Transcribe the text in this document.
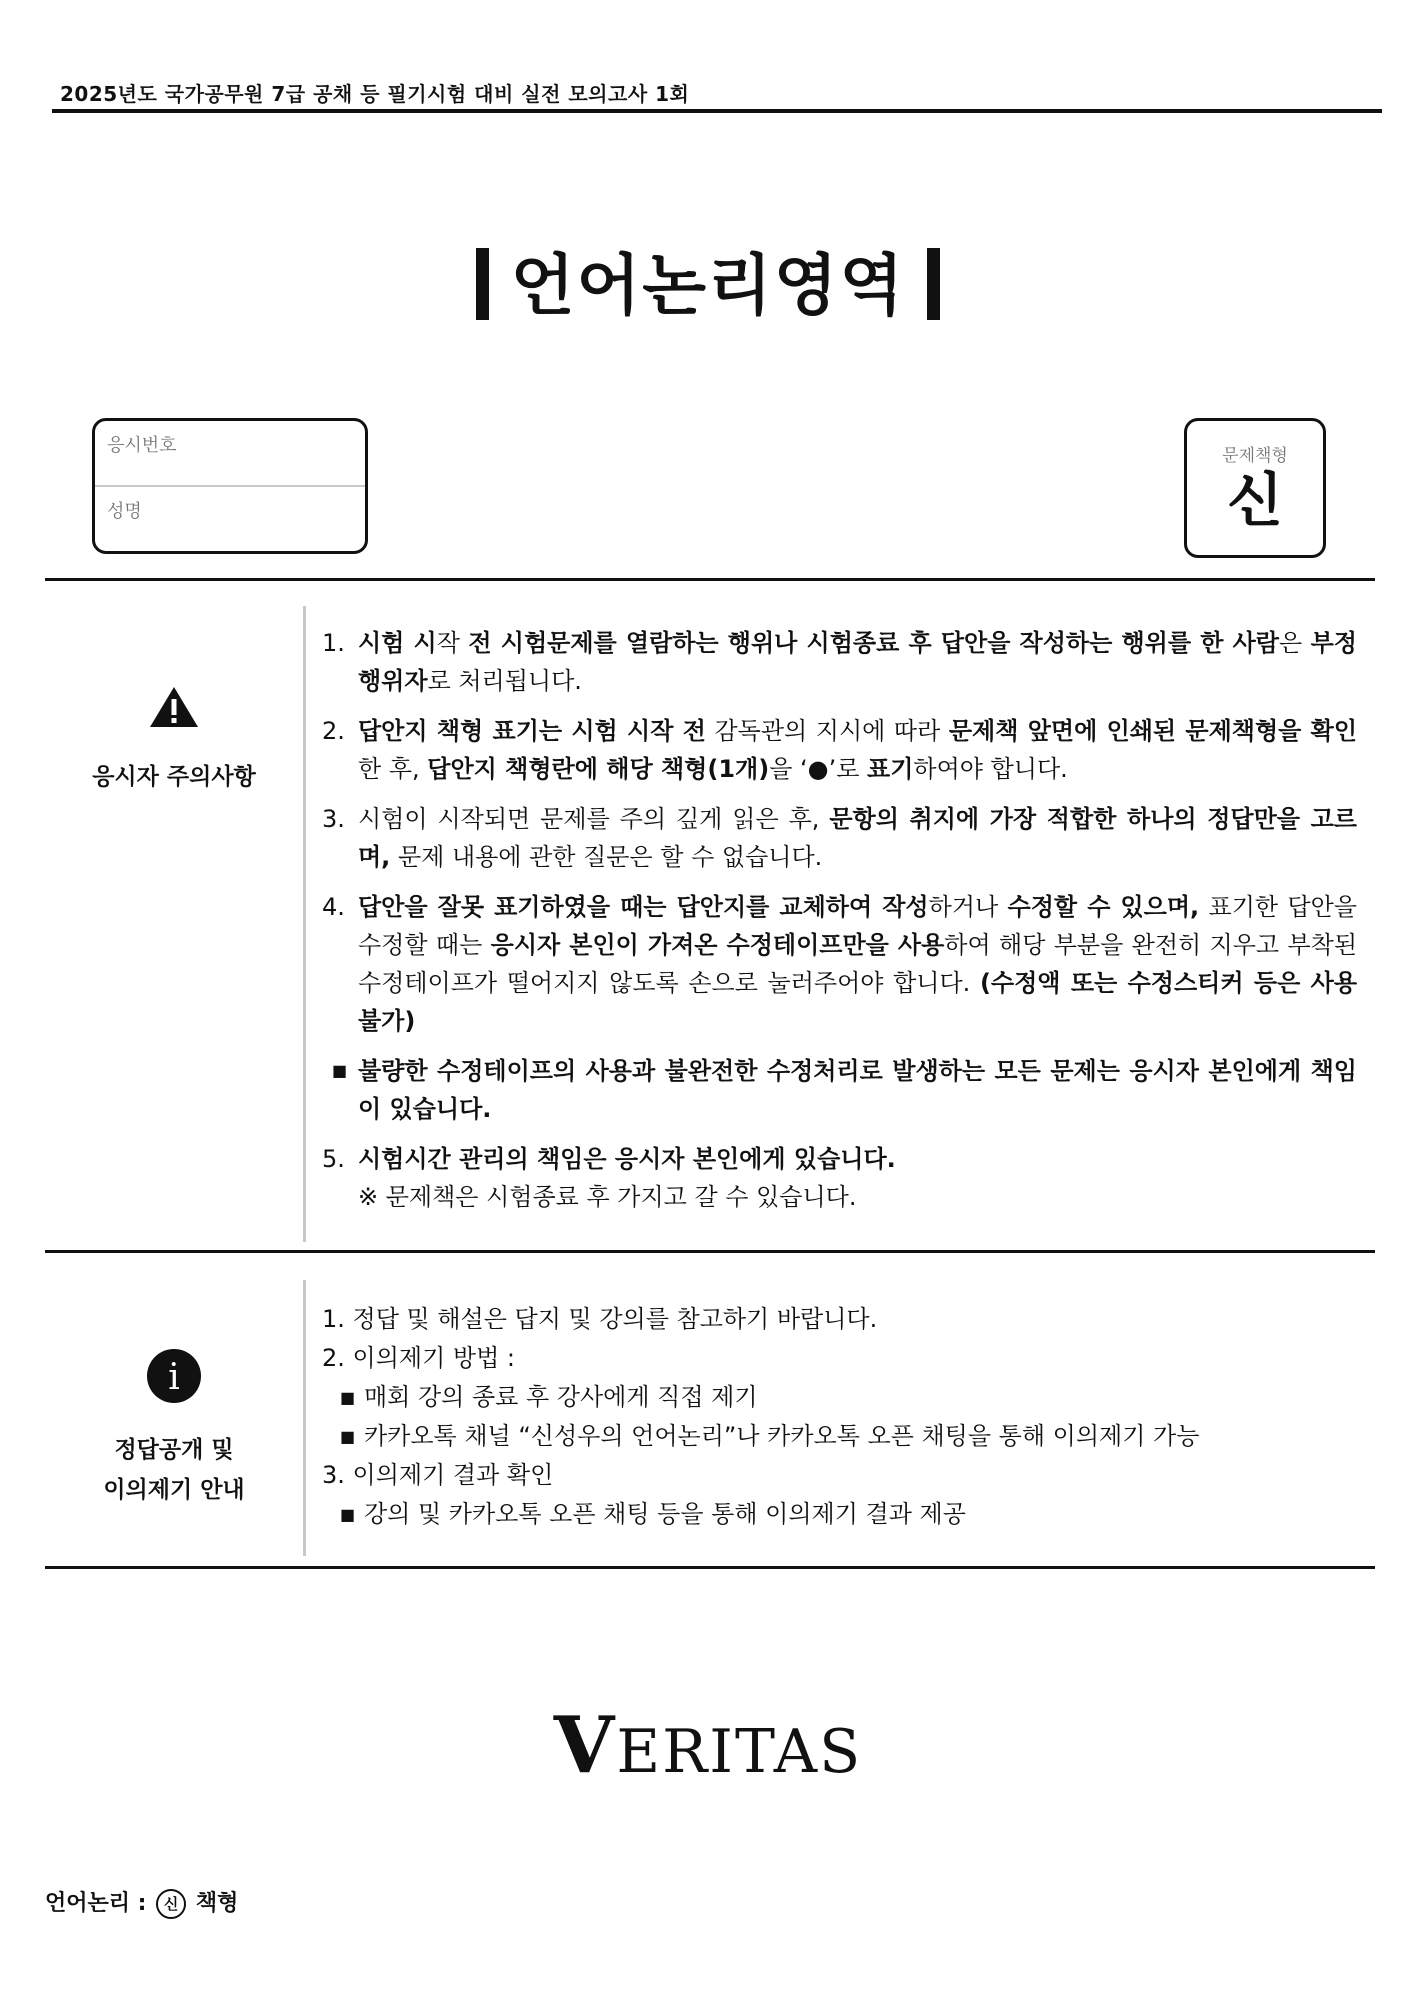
2025년도 국가공무원 7급 공채 등 필기시험 대비 실전 모의고사 1회
언어논리영역
응시번호
성명
문제책형
신
응시자 주의사항
1. 시험 시작 전 시험문제를 열람하는 행위나 시험종료 후 답안을 작성하는 행위를 한 사람은 부정행위자로 처리됩니다.
2. 답안지 책형 표기는 시험 시작 전 감독관의 지시에 따라 문제책 앞면에 인쇄된 문제책형을 확인한 후, 답안지 책형란에 해당 책형(1개)을 ‘●’로 표기하여야 합니다.
3. 시험이 시작되면 문제를 주의 깊게 읽은 후, 문항의 취지에 가장 적합한 하나의 정답만을 고르며, 문제 내용에 관한 질문은 할 수 없습니다.
4. 답안을 잘못 표기하였을 때는 답안지를 교체하여 작성하거나 수정할 수 있으며, 표기한 답안을 수정할 때는 응시자 본인이 가져온 수정테이프만을 사용하여 해당 부분을 완전히 지우고 부착된 수정테이프가 떨어지지 않도록 손으로 눌러주어야 합니다. (수정액 또는 수정스티커 등은 사용 불가)
■ 불량한 수정테이프의 사용과 불완전한 수정처리로 발생하는 모든 문제는 응시자 본인에게 책임이 있습니다.
5. 시험시간 관리의 책임은 응시자 본인에게 있습니다.
※ 문제책은 시험종료 후 가지고 갈 수 있습니다.
i
정답공개 및
이의제기 안내
1. 정답 및 해설은 답지 및 강의를 참고하기 바랍니다.
2. 이의제기 방법 :
■ 매회 강의 종료 후 강사에게 직접 제기
■ 카카오톡 채널 “신성우의 언어논리”나 카카오톡 오픈 채팅을 통해 이의제기 가능
3. 이의제기 결과 확인
■ 강의 및 카카오톡 오픈 채팅 등을 통해 이의제기 결과 제공
VERITAS
언어논리 : 신 책형
